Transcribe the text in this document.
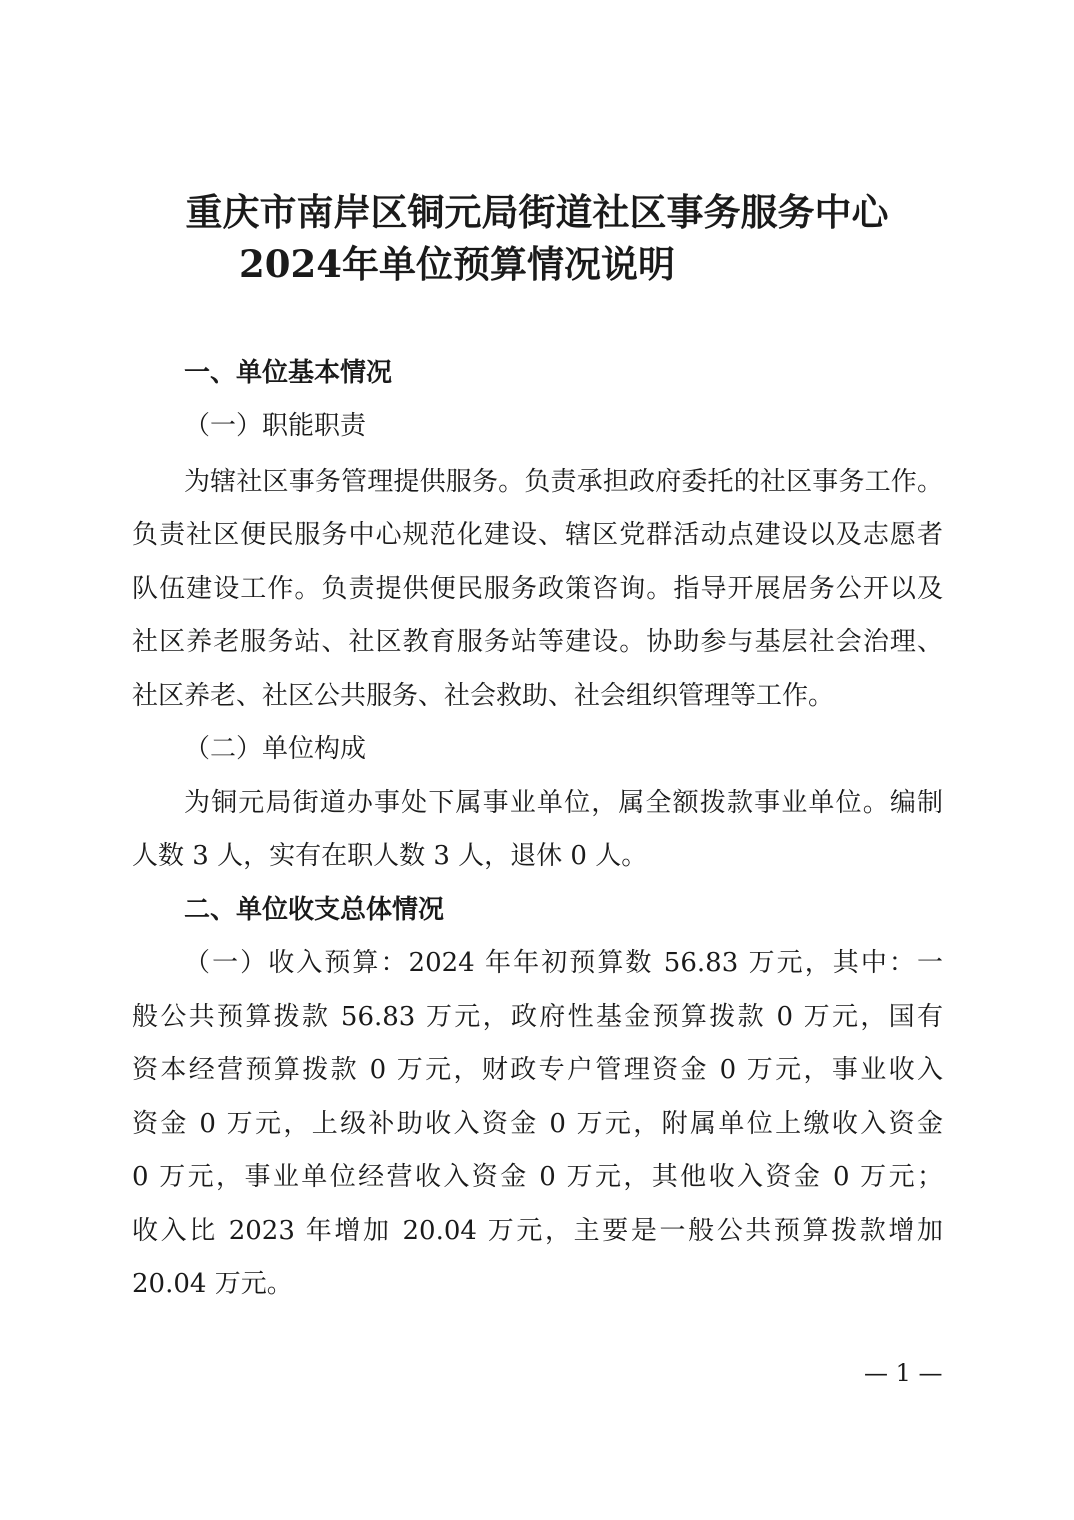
重庆市南岸区铜元局街道社区事务服务中心
2024年单位预算情况说明

一、单位基本情况

（一）职能职责

为辖社区事务管理提供服务。负责承担政府委托的社区事务工作。

负责社区便民服务中心规范化建设、辖区党群活动点建设以及志愿者

队伍建设工作。负责提供便民服务政策咨询。指导开展居务公开以及

社区养老服务站、社区教育服务站等建设。协助参与基层社会治理、

社区养老、社区公共服务、社会救助、社会组织管理等工作。

（二）单位构成

为铜元局街道办事处下属事业单位，属全额拨款事业单位。编制

人数 3 人，实有在职人数 3 人，退休 0 人。

二、单位收支总体情况

（一）收入预算：2024 年年初预算数 56.83 万元，其中：一

般公共预算拨款 56.83 万元，政府性基金预算拨款 0 万元，国有

资本经营预算拨款 0 万元，财政专户管理资金 0 万元，事业收入

资金 0 万元，上级补助收入资金 0 万元，附属单位上缴收入资金

0 万元，事业单位经营收入资金 0 万元，其他收入资金 0 万元；

收入比 2023 年增加 20.04 万元，主要是一般公共预算拨款增加

20.04 万元。

— 1 —
